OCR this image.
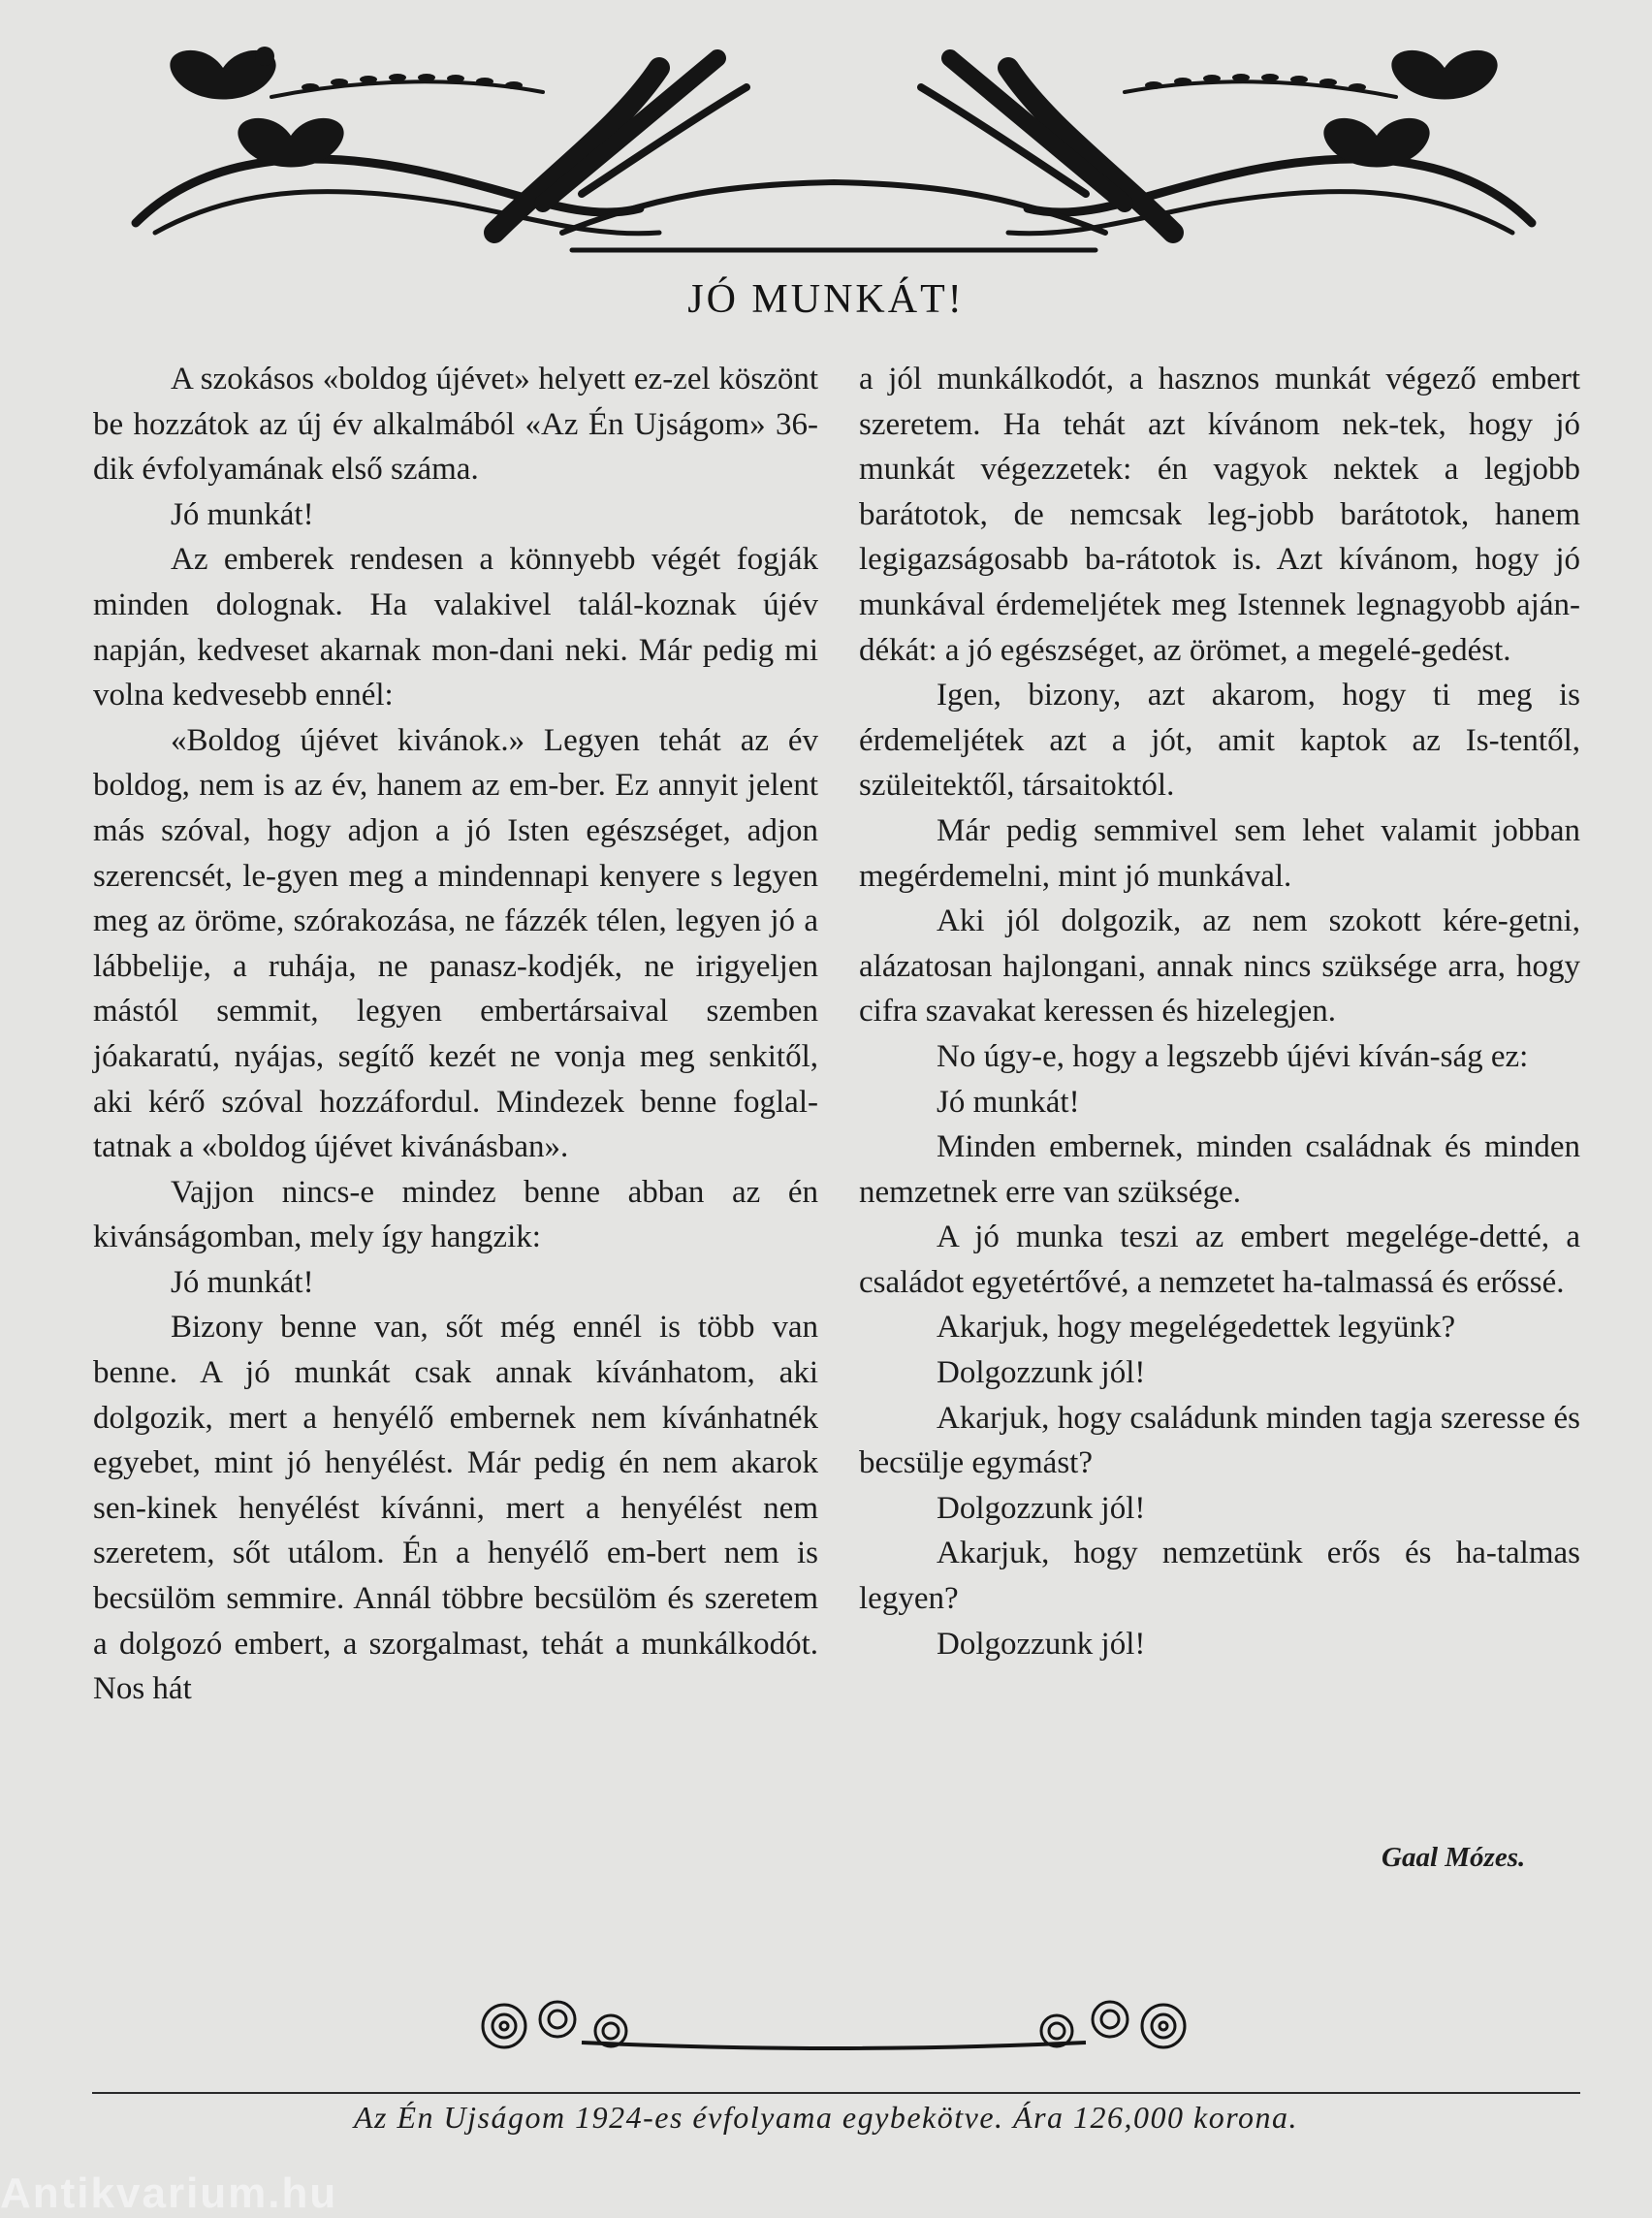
JÓ MUNKÁT!

A szokásos «boldog újévet» helyett ez-zel köszönt be hozzátok az új év alkalmából «Az Én Ujságom» 36-dik évfolyamának első száma.

Jó munkát!

Az emberek rendesen a könnyebb végét fogják minden dolognak. Ha valakivel talál-koznak újév napján, kedveset akarnak mon-dani neki. Már pedig mi volna kedvesebb ennél:

«Boldog újévet kivánok.» Legyen tehát az év boldog, nem is az év, hanem az em-ber. Ez annyit jelent más szóval, hogy adjon a jó Isten egészséget, adjon szerencsét, le-gyen meg a mindennapi kenyere s legyen meg az öröme, szórakozása, ne fázzék télen, legyen jó a lábbelije, a ruhája, ne panasz-kodjék, ne irigyeljen mástól semmit, legyen embertársaival szemben jóakaratú, nyájas, segítő kezét ne vonja meg senkitől, aki kérő szóval hozzáfordul. Mindezek benne foglal-tatnak a «boldog újévet kivánásban».

Vajjon nincs-e mindez benne abban az én kivánságomban, mely így hangzik:

Jó munkát!

Bizony benne van, sőt még ennél is több van benne. A jó munkát csak annak kívánhatom, aki dolgozik, mert a henyélő embernek nem kívánhatnék egyebet, mint jó henyélést. Már pedig én nem akarok sen-kinek henyélést kívánni, mert a henyélést nem szeretem, sőt utálom. Én a henyélő em-bert nem is becsülöm semmire. Annál többre becsülöm és szeretem a dolgozó embert, a szorgalmast, tehát a munkálkodót. Nos hát

a jól munkálkodót, a hasznos munkát végező embert szeretem. Ha tehát azt kívánom nek-tek, hogy jó munkát végezzetek: én vagyok nektek a legjobb barátotok, de nemcsak leg-jobb barátotok, hanem legigazságosabb ba-rátotok is. Azt kívánom, hogy jó munkával érdemeljétek meg Istennek legnagyobb aján-dékát: a jó egészséget, az örömet, a megelé-gedést.

Igen, bizony, azt akarom, hogy ti meg is érdemeljétek azt a jót, amit kaptok az Is-tentől, szüleitektől, társaitoktól.

Már pedig semmivel sem lehet valamit jobban megérdemelni, mint jó munkával.

Aki jól dolgozik, az nem szokott kére-getni, alázatosan hajlongani, annak nincs szüksége arra, hogy cifra szavakat keressen és hizelegjen.

No úgy-e, hogy a legszebb újévi kíván-ság ez:

Jó munkát!

Minden embernek, minden családnak és minden nemzetnek erre van szüksége.

A jó munka teszi az embert megelége-detté, a családot egyetértővé, a nemzetet ha-talmassá és erőssé.

Akarjuk, hogy megelégedettek legyünk?

Dolgozzunk jól!

Akarjuk, hogy családunk minden tagja szeresse és becsülje egymást?

Dolgozzunk jól!

Akarjuk, hogy nemzetünk erős és ha-talmas legyen?

Dolgozzunk jól!

Gaal Mózes.
Az Én Ujságom 1924-es évfolyama egybekötve. Ára 126,000 korona.
Antikvarium.hu
